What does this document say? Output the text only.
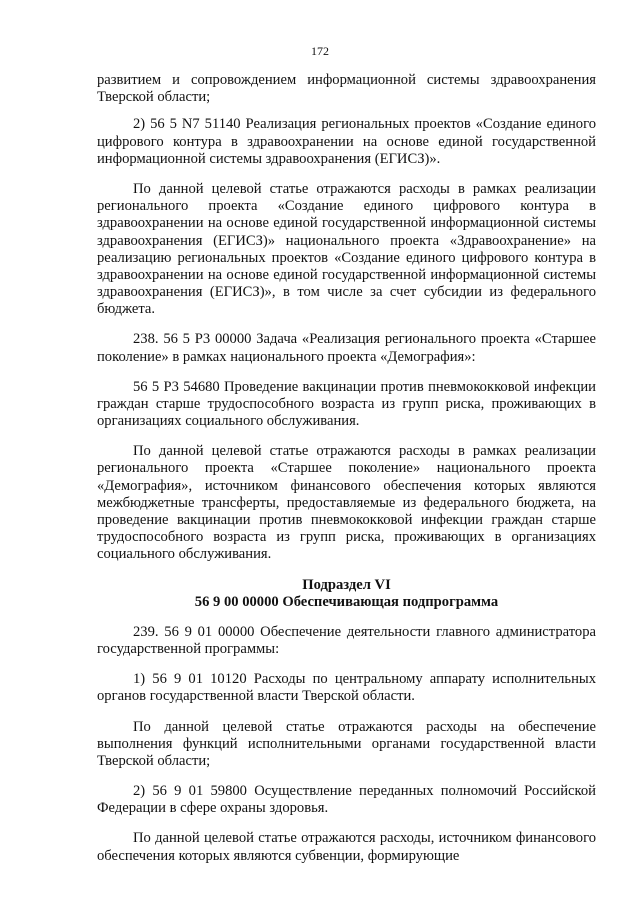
172

развитием и сопровождением информационной системы здравоохранения Тверской области;

2) 56 5 N7 51140 Реализация региональных проектов «Создание единого цифрового контура в здравоохранении на основе единой государственной информационной системы здравоохранения (ЕГИСЗ)».

По данной целевой статье отражаются расходы в рамках реализации регионального проекта «Создание единого цифрового контура в здравоохранении на основе единой государственной информационной системы здравоохранения (ЕГИСЗ)» национального проекта «Здравоохранение» на реализацию региональных проектов «Создание единого цифрового контура в здравоохранении на основе единой государственной информационной системы здравоохранения (ЕГИСЗ)», в том числе за счет субсидии из федерального бюджета.

238. 56 5 Р3 00000 Задача «Реализация регионального проекта «Старшее поколение» в рамках национального проекта «Демография»:

56 5 Р3 54680 Проведение вакцинации против пневмококковой инфекции граждан старше трудоспособного возраста из групп риска, проживающих в организациях социального обслуживания.

По данной целевой статье отражаются расходы в рамках реализации регионального проекта «Старшее поколение» национального проекта «Демография», источником финансового обеспечения которых являются межбюджетные трансферты, предоставляемые из федерального бюджета, на проведение вакцинации против пневмококковой инфекции граждан старше трудоспособного возраста из групп риска, проживающих в организациях социального обслуживания.

Подраздел VI
56 9 00 00000 Обеспечивающая подпрограмма

239. 56 9 01 00000 Обеспечение деятельности главного администратора государственной программы:

1) 56 9 01 10120 Расходы по центральному аппарату исполнительных органов государственной власти Тверской области.

По данной целевой статье отражаются расходы на обеспечение выполнения функций исполнительными органами государственной власти Тверской области;

2) 56 9 01 59800 Осуществление переданных полномочий Российской Федерации в сфере охраны здоровья.

По данной целевой статье отражаются расходы, источником финансового обеспечения которых являются субвенции, формирующие
